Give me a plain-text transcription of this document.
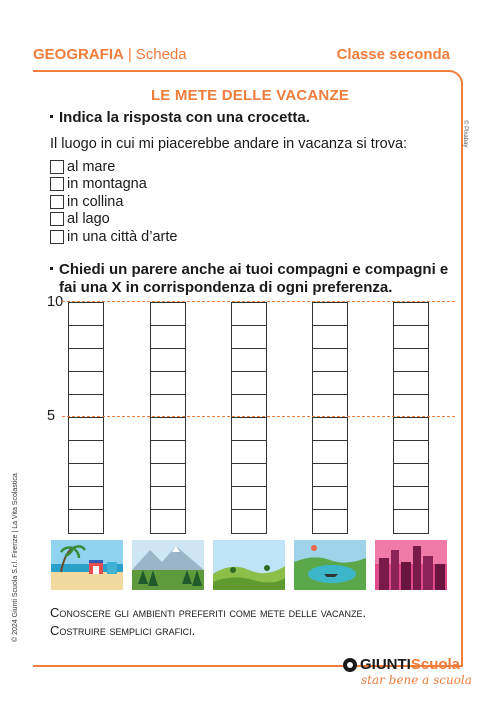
GEOGRAFIA | Scheda	Classe seconda
LE METE DELLE VACANZE
Indica la risposta con una crocetta.
Il luogo in cui mi piacerebbe andare in vacanza si trova:
al mare
in montagna
in collina
al lago
in una città d’arte
Chiedi un parere anche ai tuoi compagni e compagni e
fai una X in corrispondenza di ogni preferenza.
10
5
Conoscere gli ambienti preferiti come mete delle vacanze.
Costruire semplici grafici.
© 2024 Giunti Scuola S.r.l. Firenze | La Vita Scolastica
© Pixabay
GIUNTI Scuola
star bene a scuola
